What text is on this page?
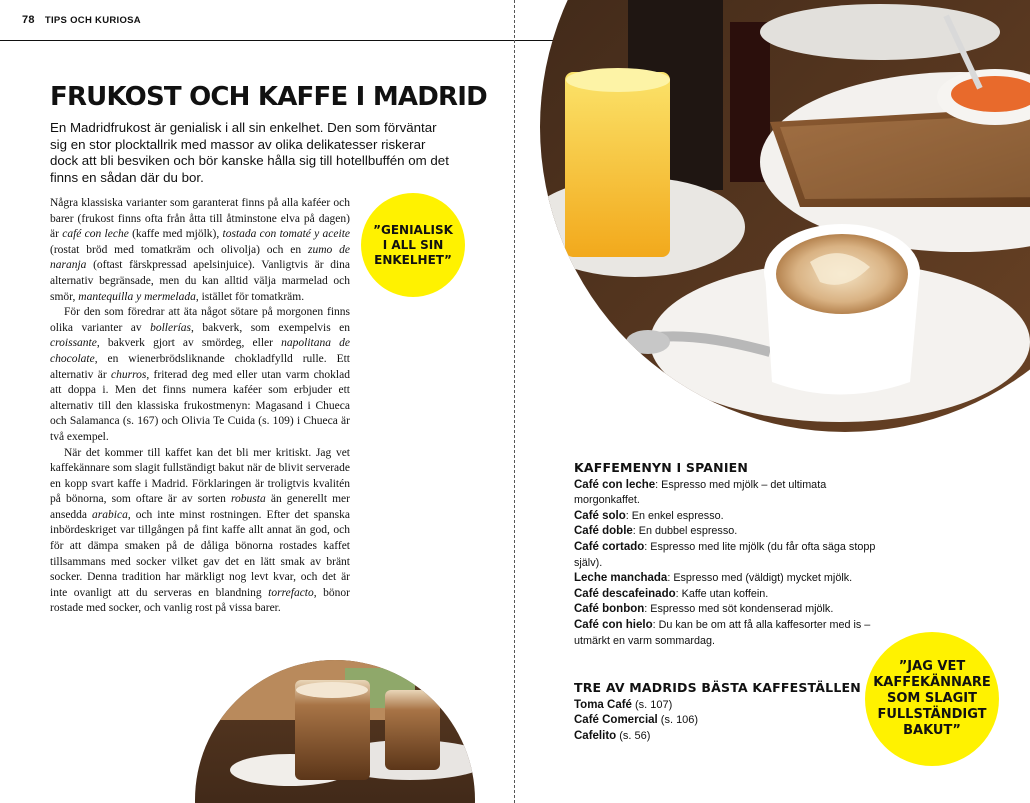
78 TIPS OCH KURIOSA
FRUKOST OCH KAFFE I MADRID
En Madridfrukost är genialisk i all sin enkelhet. Den som förväntar sig en stor plocktallrik med massor av olika delikatesser riskerar dock att bli besviken och bör kanske hålla sig till hotellbuffén om det finns en sådan där du bor.

Några klassiska varianter som garanterat finns på alla kaféer och barer (frukost finns ofta från åtta till åtminstone elva på dagen) är café con leche (kaffe med mjölk), tostada con tomaté y aceite (rostat bröd med tomatkräm och olivolja) och en zumo de naranja (oftast färskpressad apelsinjuice). Vanligtvis är dina alternativ begränsade, men du kan alltid välja marmelad och smör, mantequilla y mermelada, istället för tomatkräm.

För den som föredrar att äta något sötare på morgonen finns olika varianter av bollerías, bakverk, som exempelvis en croissante, bakverk gjort av smördeg, eller napolitana de chocolate, en wienerbrödsliknande chokladfylld rulle. Ett alternativ är churros, friterad deg med eller utan varm choklad att doppa i. Men det finns numera kaféer som erbjuder ett alternativ till den klassiska frukostmenyn: Magasand i Chueca och Salamanca (s. 167) och Olivia Te Cuida (s. 109) i Chueca är två exempel.

När det kommer till kaffet kan det bli mer kritiskt. Jag vet kaffekännare som slagit fullständigt bakut när de blivit serverade en kopp svart kaffe i Madrid. Förklaringen är troligtvis kvalitén på bönorna, som oftare är av sorten robusta än generellt mer ansedda arabica, och inte minst rostningen. Efter det spanska inbördeskriget var tillgången på fint kaffe allt annat än god, och för att dämpa smaken på de dåliga bönorna rostades kaffet tillsammans med socker vilket gav det en lätt smak av bränt socker. Denna tradition har märkligt nog levt kvar, och det är inte ovanligt att du serveras en blandning torrefacto, bönor rostade med socker, och vanlig rost på vissa barer.

”GENIALISK
I ALL SIN
ENKELHET”
KAFFEMENYN I SPANIEN
Café con leche: Espresso med mjölk – det ultimata morgonkaffet.
Café solo: En enkel espresso.
Café doble: En dubbel espresso.
Café cortado: Espresso med lite mjölk (du får ofta säga stopp själv).
Leche manchada: Espresso med (väldigt) mycket mjölk.
Café descafeinado: Kaffe utan koffein.
Café bonbon: Espresso med söt kondenserad mjölk.
Café con hielo: Du kan be om att få alla kaffesorter med is – utmärkt en varm sommardag.
TRE AV MADRIDS BÄSTA KAFFESTÄLLEN
Toma Café (s. 107)
Café Comercial (s. 106)
Cafelito (s. 56)
”JAG VET
KAFFEKÄNNARE
SOM SLAGIT
FULLSTÄNDIGT
BAKUT”
